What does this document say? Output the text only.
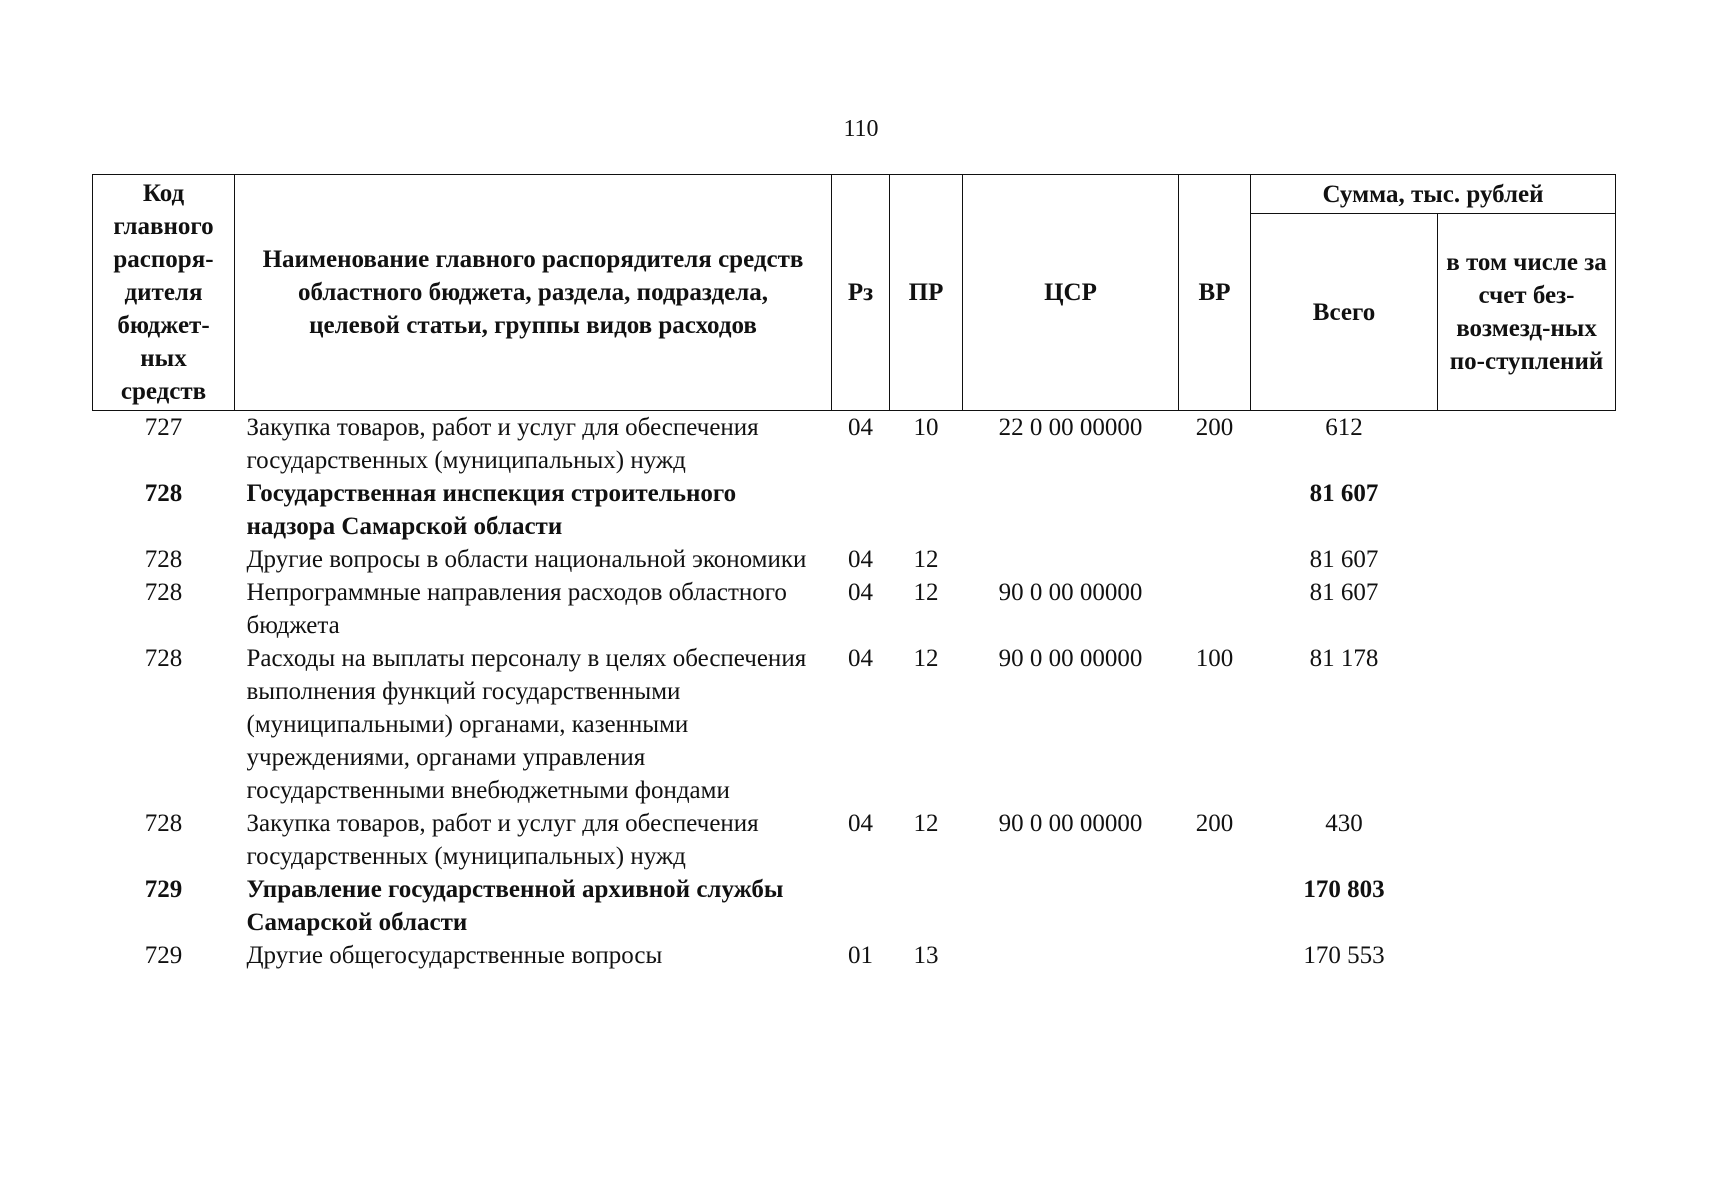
110
Код главного распоря-дителя бюджет-ных средств	Наименование главного распорядителя средств областного бюджета, раздела, подраздела, целевой статьи, группы видов расходов	Рз	ПР	ЦСР	ВР	Сумма, тыс. рублей	
						Всего	в том числе за счет без-возмезд-ных по-ступлений
727	Закупка товаров, работ и услуг для обеспечения государственных (муниципальных) нужд	04	10	22 0 00 00000	200	612	
728	Государственная инспекция строительного надзора Самарской области					81 607	
728	Другие вопросы в области национальной экономики	04	12			81 607	
728	Непрограммные направления расходов областного бюджета	04	12	90 0 00 00000		81 607	
728	Расходы на выплаты персоналу в целях обеспечения выполнения функций государственными (муниципальными) органами, казенными учреждениями, органами управления государственными внебюджетными фондами	04	12	90 0 00 00000	100	81 178	
728	Закупка товаров, работ и услуг для обеспечения государственных (муниципальных) нужд	04	12	90 0 00 00000	200	430	
729	Управление государственной архивной службы Самарской области					170 803	
729	Другие общегосударственные вопросы	01	13			170 553	
